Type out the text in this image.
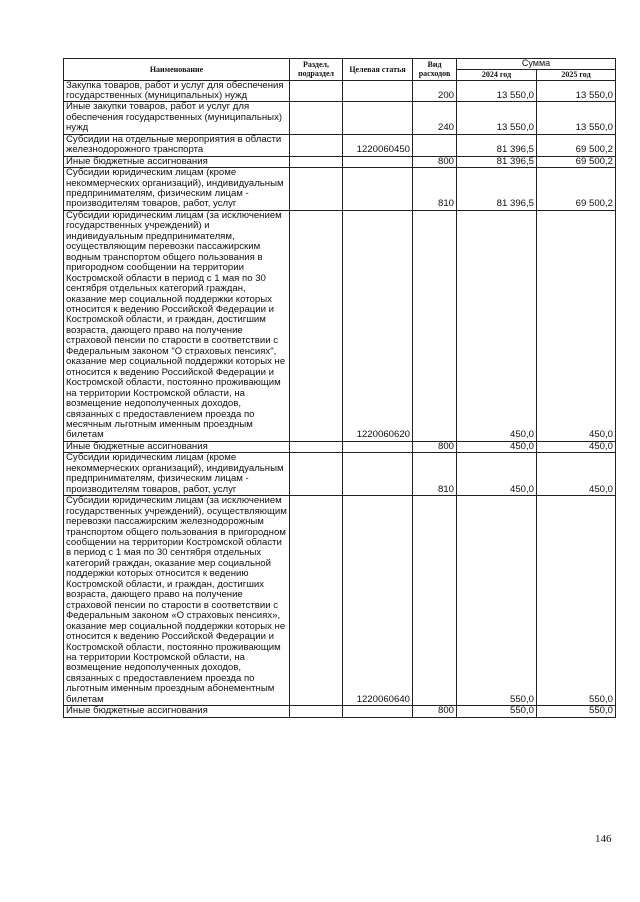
Наименование	Раздел, подраздел	Целевая статья	Вид расходов	Сумма	
				2024 год	2025 год
Закупка товаров, работ и услуг для обеспечения государственных (муниципальных) нужд			200	13 550,0	13 550,0
Иные закупки товаров, работ и услуг для обеспечения государственных (муниципальных) нужд			240	13 550,0	13 550,0
Субсидии на отдельные мероприятия в области железнодорожного транспорта		1220060450		81 396,5	69 500,2
Иные бюджетные ассигнования			800	81 396,5	69 500,2
Субсидии юридическим лицам (кроме некоммерческих организаций), индивидуальным предпринимателям, физическим лицам - производителям товаров, работ, услуг			810	81 396,5	69 500,2
Субсидии юридическим лицам (за исключением государственных учреждений) и индивидуальным предпринимателям, осуществляющим перевозки пассажирским водным транспортом общего пользования в пригородном сообщении на территории Костромской области в период с 1 мая по 30 сентября отдельных категорий граждан, оказание мер социальной поддержки которых относится к ведению Российской Федерации и Костромской области, и граждан, достигшим возраста, дающего право на получение страховой пенсии по старости в соответствии с Федеральным законом "О страховых пенсиях", оказание мер социальной поддержки которых не относится к ведению Российской Федерации и Костромской области, постоянно проживающим на территории Костромской области, на возмещение недополученных доходов, связанных с предоставлением проезда по месячным льготным именным проездным билетам		1220060620		450,0	450,0
Иные бюджетные ассигнования			800	450,0	450,0
Субсидии юридическим лицам (кроме некоммерческих организаций), индивидуальным предпринимателям, физическим лицам - производителям товаров, работ, услуг			810	450,0	450,0
Субсидии юридическим лицам (за исключением государственных учреждений), осуществляющим перевозки пассажирским железнодорожным транспортом общего пользования в пригородном сообщении на территории Костромской области в период с 1 мая по 30 сентября отдельных категорий граждан, оказание мер социальной поддержки которых относится к ведению Костромской области, и граждан, достигших возраста, дающего право на получение страховой пенсии по старости в соответствии с Федеральным законом «О страховых пенсиях», оказание мер социальной поддержки которых не относится к ведению Российской Федерации и Костромской области, постоянно проживающим на территории Костромской области, на возмещение недополученных доходов, связанных с предоставлением проезда по льготным именным проездным абонементным билетам		1220060640		550,0	550,0
Иные бюджетные ассигнования			800	550,0	550,0
146
